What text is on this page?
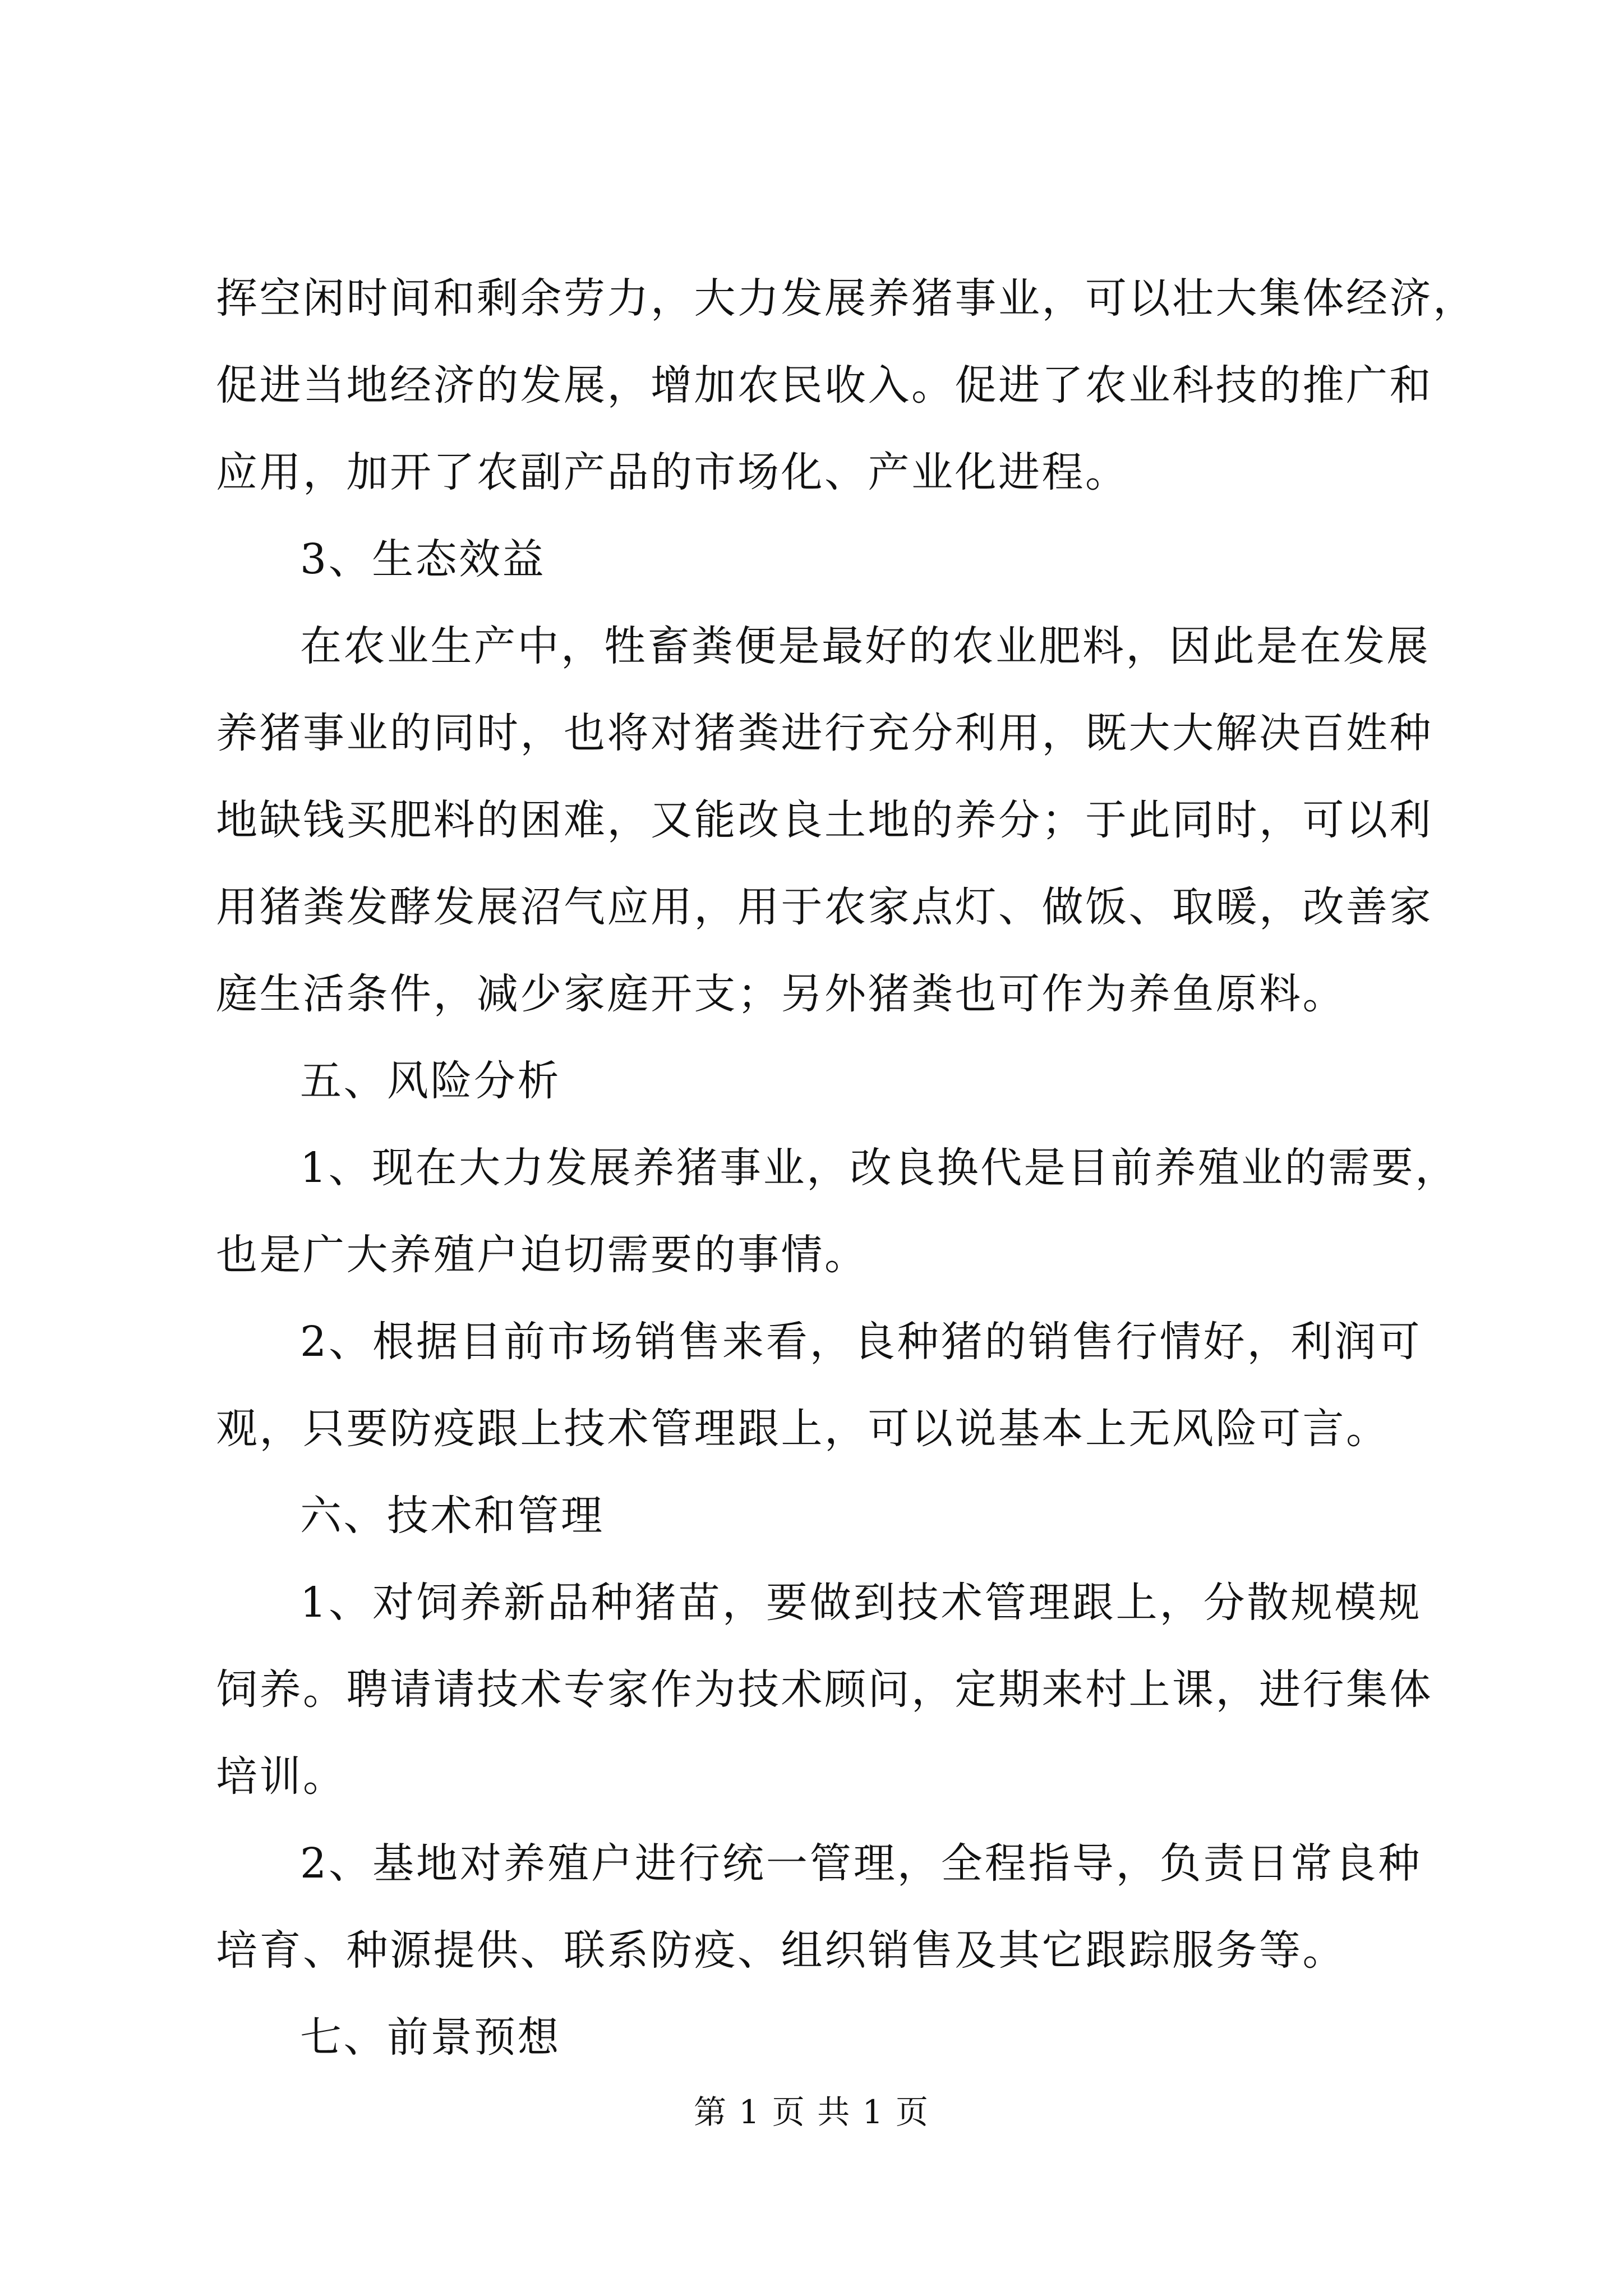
挥空闲时间和剩余劳力，大力发展养猪事业，可以壮大集体经济，
促进当地经济的发展，增加农民收入。促进了农业科技的推广和
应用，加开了农副产品的市场化、产业化进程。
3、生态效益
在农业生产中，牲畜粪便是最好的农业肥料，因此是在发展
养猪事业的同时，也将对猪粪进行充分利用，既大大解决百姓种
地缺钱买肥料的困难，又能改良土地的养分；于此同时，可以利
用猪粪发酵发展沼气应用，用于农家点灯、做饭、取暖，改善家
庭生活条件，减少家庭开支；另外猪粪也可作为养鱼原料。
五、风险分析
1、现在大力发展养猪事业，改良换代是目前养殖业的需要，
也是广大养殖户迫切需要的事情。
2、根据目前市场销售来看，良种猪的销售行情好，利润可
观，只要防疫跟上技术管理跟上，可以说基本上无风险可言。
六、技术和管理
1、对饲养新品种猪苗，要做到技术管理跟上，分散规模规
饲养。聘请请技术专家作为技术顾问，定期来村上课，进行集体
培训。
2、基地对养殖户进行统一管理，全程指导，负责日常良种
培育、种源提供、联系防疫、组织销售及其它跟踪服务等。
七、前景预想
第 1 页 共 1 页
